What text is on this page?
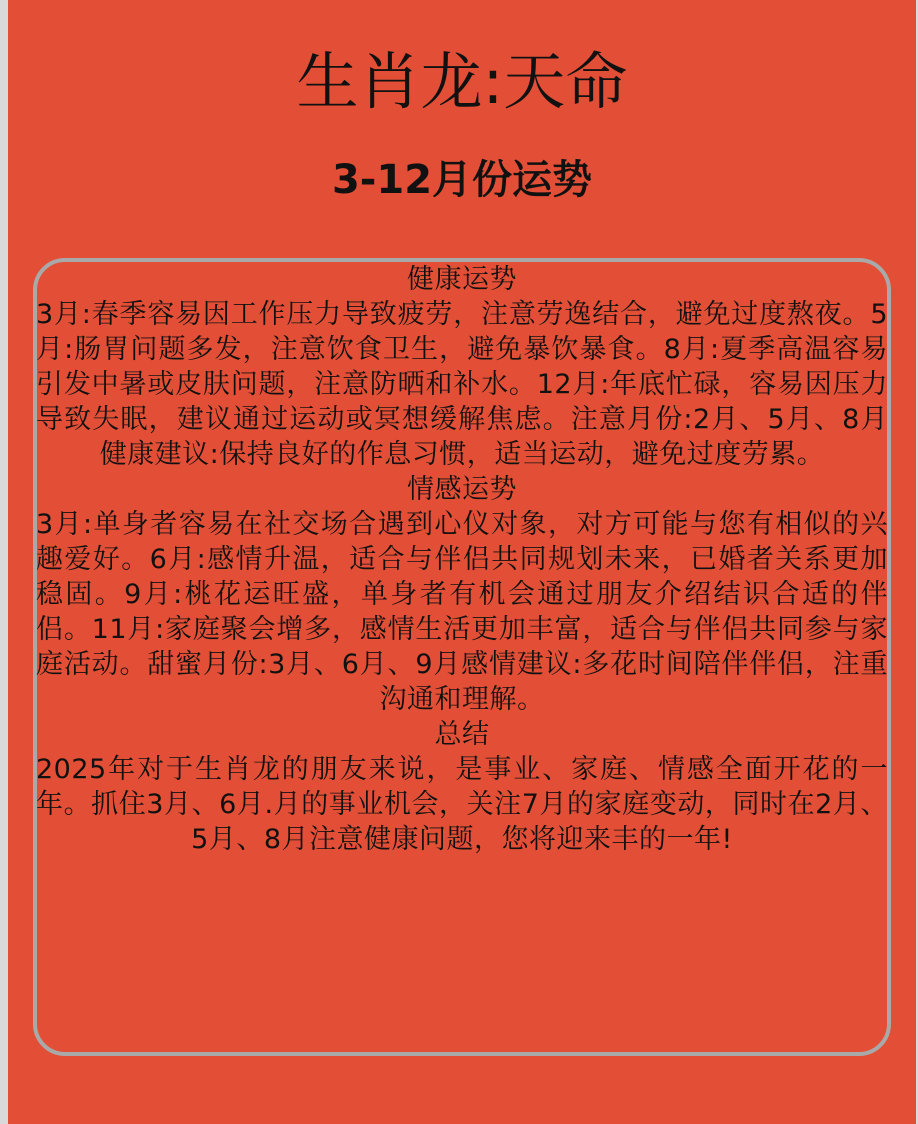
生肖龙:天命
3-12月份运势
健康运势
3月:春季容易因工作压力导致疲劳，注意劳逸结合，避免过度熬夜。5月:肠胃问题多发，注意饮食卫生，避免暴饮暴食。8月:夏季高温容易引发中暑或皮肤问题，注意防晒和补水。12月:年底忙碌，容易因压力导致失眠，建议通过运动或冥想缓解焦虑。注意月份:2月、5月、8月健康建议:保持良好的作息习惯，适当运动，避免过度劳累。
情感运势
3月:单身者容易在社交场合遇到心仪对象，对方可能与您有相似的兴趣爱好。6月:感情升温，适合与伴侣共同规划未来，已婚者关系更加稳固。9月:桃花运旺盛，单身者有机会通过朋友介绍结识合适的伴侣。11月:家庭聚会增多，感情生活更加丰富，适合与伴侣共同参与家庭活动。甜蜜月份:3月、6月、9月感情建议:多花时间陪伴伴侣，注重沟通和理解。
总结
2025年对于生肖龙的朋友来说，是事业、家庭、情感全面开花的一年。抓住3月、6月.月的事业机会，关注7月的家庭变动，同时在2月、5月、8月注意健康问题，您将迎来丰的一年!
